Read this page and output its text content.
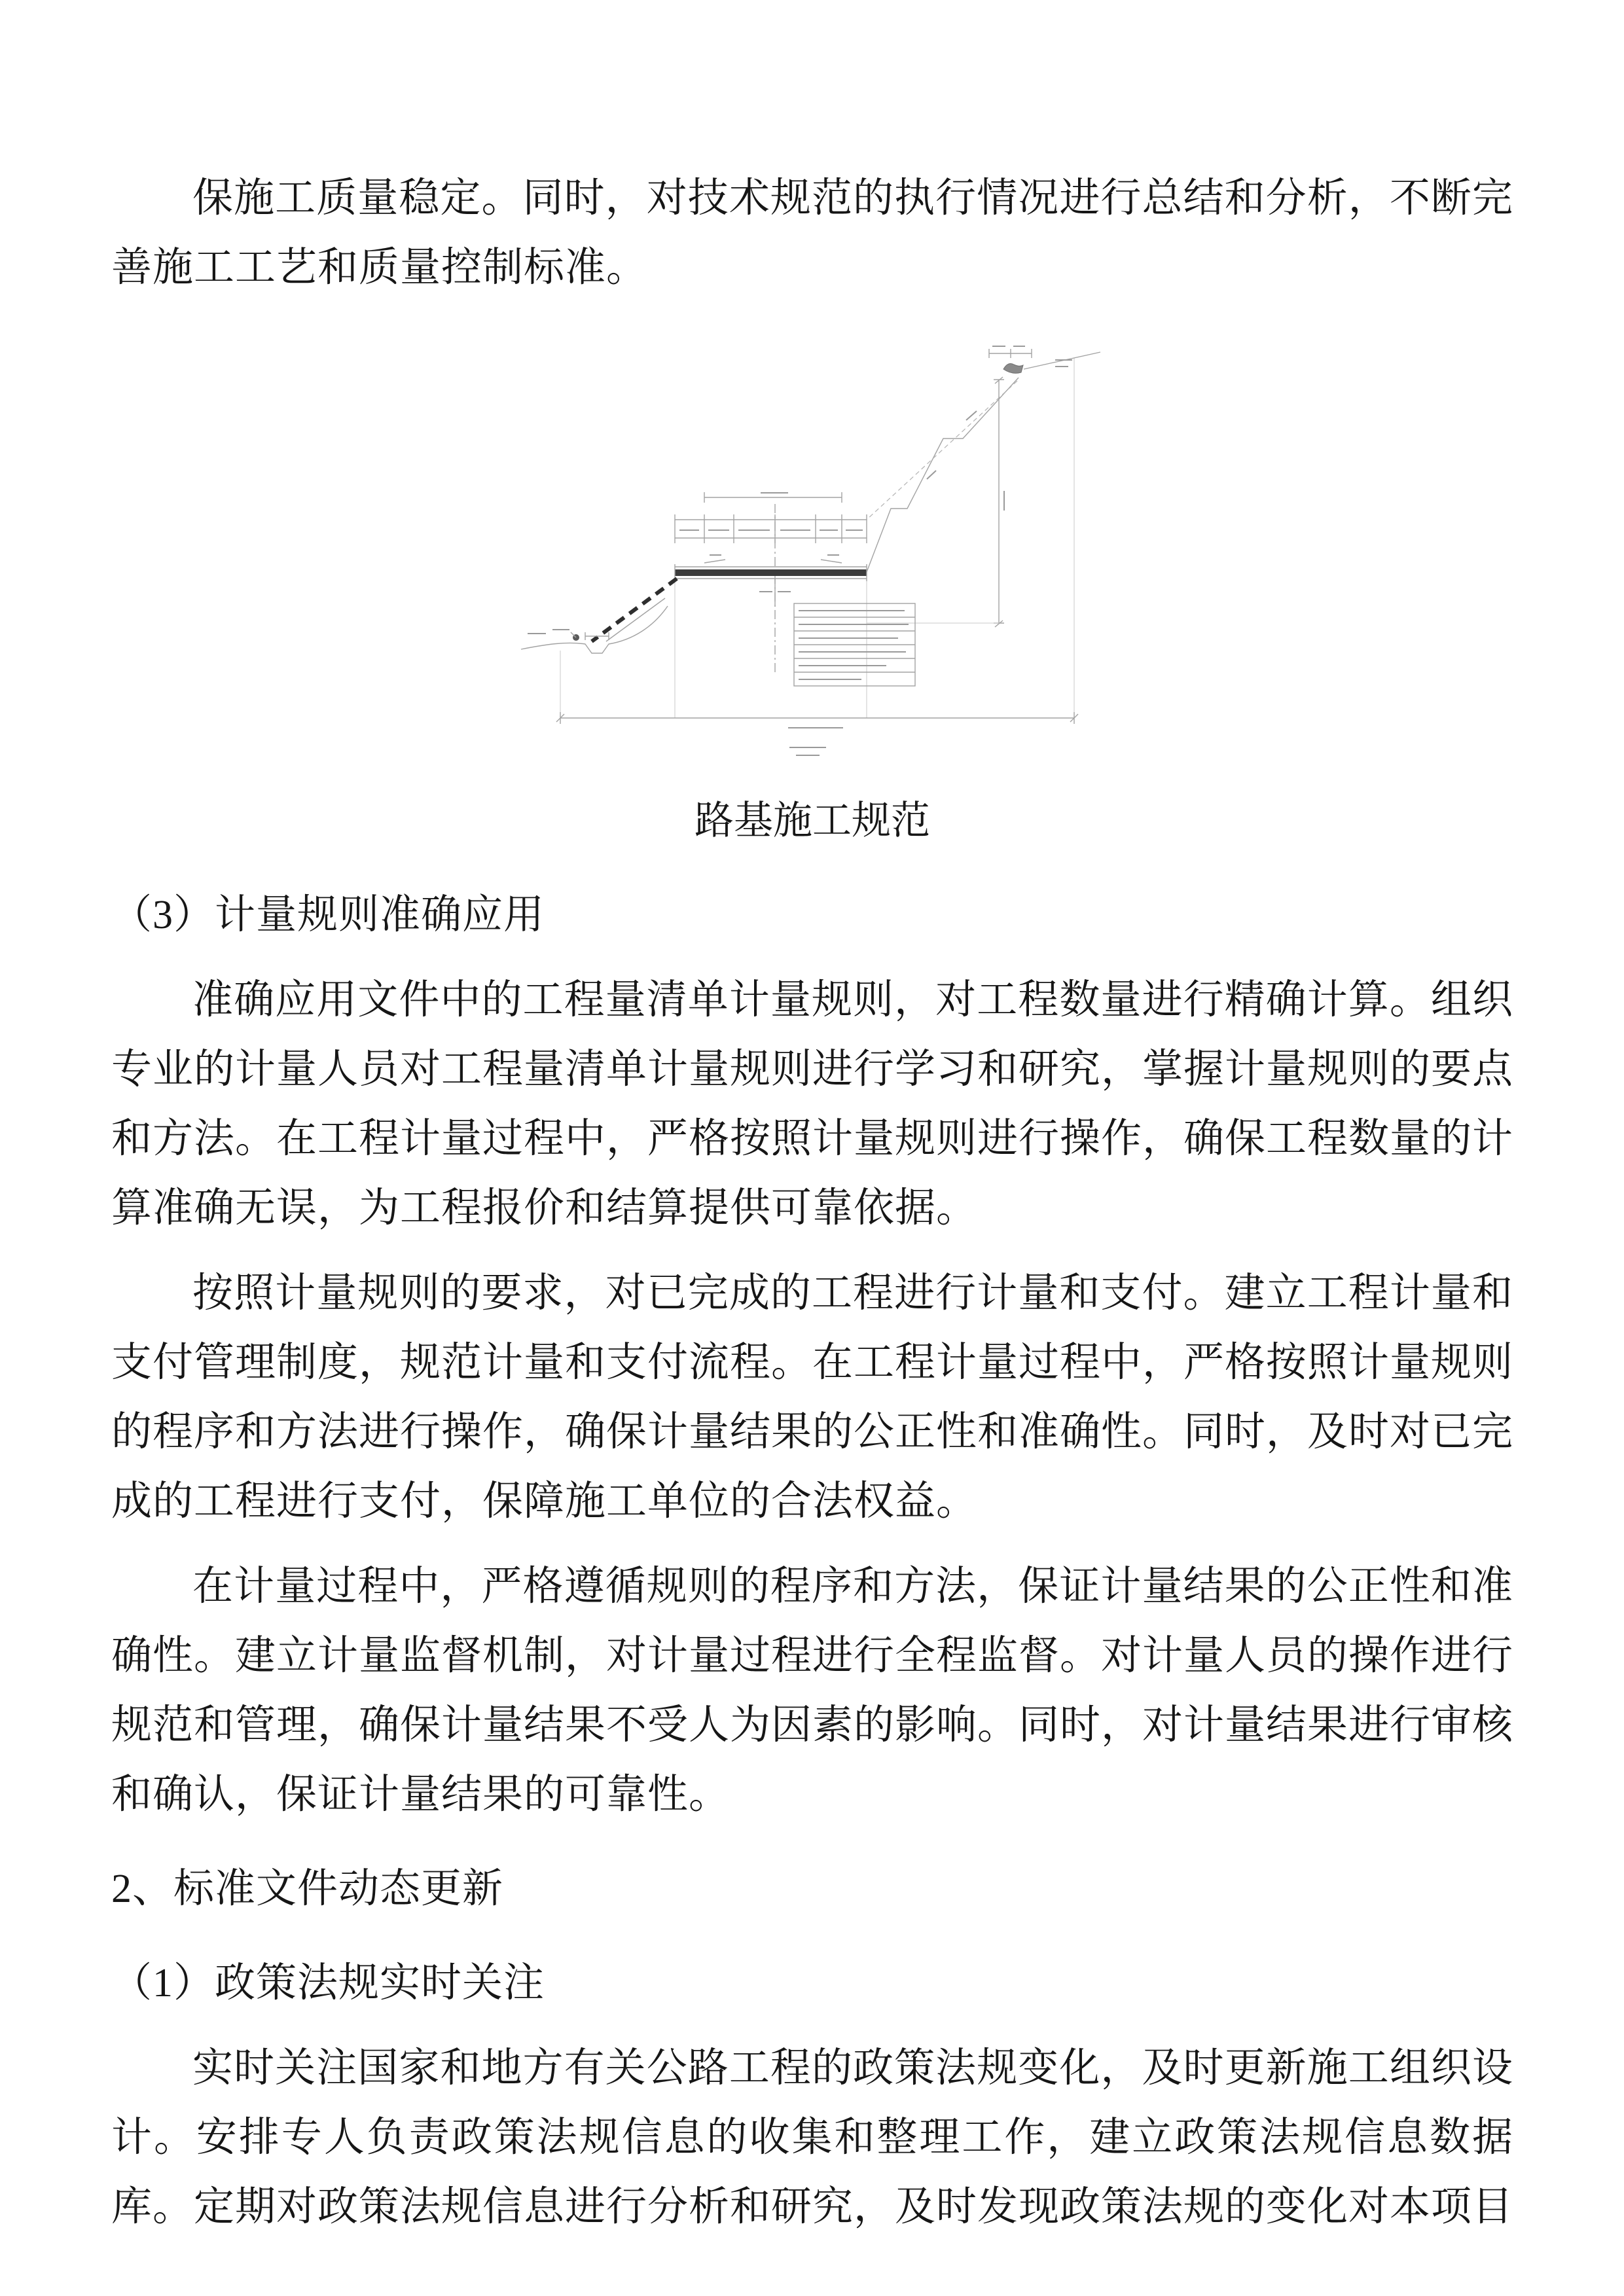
保施工质量稳定。同时，对技术规范的执行情况进行总结和分析，不断完善施工工艺和质量控制标准。

路基施工规范

（3）计量规则准确应用

准确应用文件中的工程量清单计量规则，对工程数量进行精确计算。组织专业的计量人员对工程量清单计量规则进行学习和研究，掌握计量规则的要点和方法。在工程计量过程中，严格按照计量规则进行操作，确保工程数量的计算准确无误，为工程报价和结算提供可靠依据。

按照计量规则的要求，对已完成的工程进行计量和支付。建立工程计量和支付管理制度，规范计量和支付流程。在工程计量过程中，严格按照计量规则的程序和方法进行操作，确保计量结果的公正性和准确性。同时，及时对已完成的工程进行支付，保障施工单位的合法权益。

在计量过程中，严格遵循规则的程序和方法，保证计量结果的公正性和准确性。建立计量监督机制，对计量过程进行全程监督。对计量人员的操作进行规范和管理，确保计量结果不受人为因素的影响。同时，对计量结果进行审核和确认，保证计量结果的可靠性。

2、标准文件动态更新

（1）政策法规实时关注

实时关注国家和地方有关公路工程的政策法规变化，及时更新施工组织设计。安排专人负责政策法规信息的收集和整理工作，建立政策法规信息数据库。定期对政策法规信息进行分析和研究，及时发现政策法规的变化对本项目
